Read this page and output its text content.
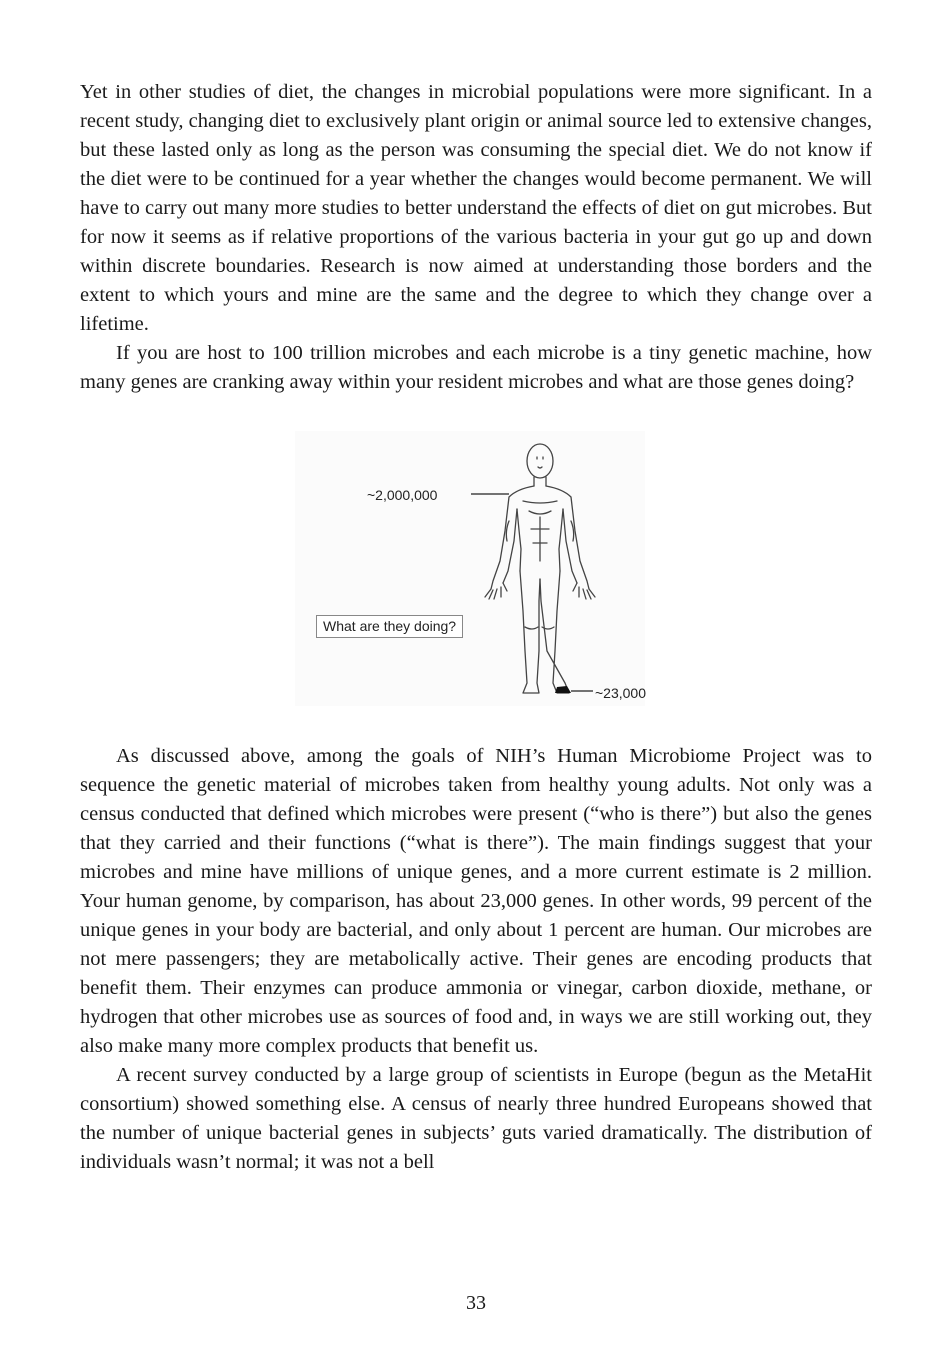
Yet in other studies of diet, the changes in microbial populations were more significant. In a recent study, changing diet to exclusively plant origin or animal source led to extensive changes, but these lasted only as long as the person was consuming the special diet. We do not know if the diet were to be continued for a year whether the changes would become permanent. We will have to carry out many more studies to better understand the effects of diet on gut microbes. But for now it seems as if relative proportions of the various bacteria in your gut go up and down within discrete boundaries. Research is now aimed at understanding those borders and the extent to which yours and mine are the same and the degree to which they change over a lifetime.

If you are host to 100 trillion microbes and each microbe is a tiny genetic machine, how many genes are cranking away within your resident microbes and what are those genes doing?

~2,000,000
What are they doing?
~23,000

As discussed above, among the goals of NIH’s Human Microbiome Project was to sequence the genetic material of microbes taken from healthy young adults. Not only was a census conducted that defined which microbes were present (“who is there”) but also the genes that they carried and their functions (“what is there”). The main findings suggest that your microbes and mine have millions of unique genes, and a more current estimate is 2 million. Your human genome, by comparison, has about 23,000 genes. In other words, 99 percent of the unique genes in your body are bacterial, and only about 1 percent are human. Our microbes are not mere passengers; they are metabolically active. Their genes are encoding products that benefit them. Their enzymes can produce ammonia or vinegar, carbon dioxide, methane, or hydrogen that other microbes use as sources of food and, in ways we are still working out, they also make many more complex products that benefit us.

A recent survey conducted by a large group of scientists in Europe (begun as the MetaHit consortium) showed something else. A census of nearly three hundred Europeans showed that the number of unique bacterial genes in subjects’ guts varied dramatically. The distribution of individuals wasn’t normal; it was not a bell

33
